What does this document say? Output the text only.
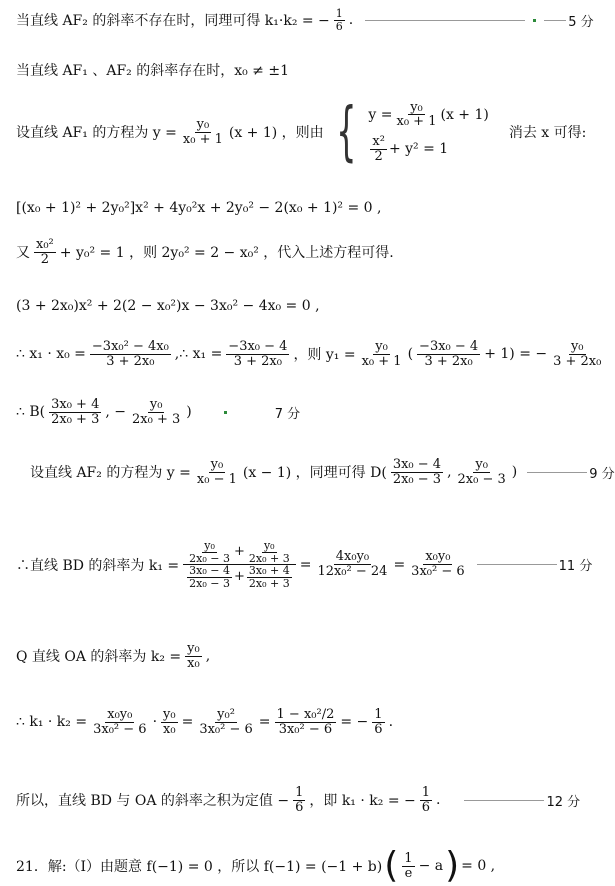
当直线 AF₂ 的斜率不存在时，同理可得 k₁·k₂ = − $\frac{1}{6}$ .	5 分
当直线 AF₁ 、AF₂ 的斜率存在时，x₀ ≠ ±1
设直线 AF₁ 的方程为 $y = \frac{\text{y₀}}{\text{x₀ + 1}} (x + 1)$ ，则由 { $y = \frac{\text{y₀}}{\text{x₀ + 1}} (x + 1)$
$\frac{\text{x²}}{2} + y^2 = 1$
消去 x 可得:
[(x₀ + 1)² + 2y₀²]x² + 4y₀²x + 2y₀² − 2(x₀ + 1)² = 0 ,
又 $\frac{\text{x₀²}}{2} + y_0^2 = 1$ ，则 2y₀² = 2 − x₀² ，代入上述方程可得.
(3 + 2x₀)x² + 2(2 − x₀²)x − 3x₀² − 4x₀ = 0 ,
∴ $x_1 \cdot x_0 = \frac{\text{−3x₀² − 4x₀}}{\text{3 + 2x₀}}$ ,∴ $x_1 = \frac{\text{−3x₀ − 4}}{\text{3 + 2x₀}}$ ，则 $y_1 = \frac{\text{y₀}}{\text{x₀ + 1}}$ ( $\frac{\text{−3x₀ − 4}}{\text{3 + 2x₀}} + 1$) = − $\frac{\text{y₀}}{\text{3 + 2x₀}}$
∴ $B( \frac{\text{3x₀ + 4}}{\text{2x₀ + 3}}$ , − $\frac{\text{y₀}}{\text{2x₀ + 3}}$ )	7 分
设直线 AF₂ 的方程为 $y = \frac{\text{y₀}}{\text{x₀ − 1}} (x - 1)$ ，同理可得 $D( \frac{\text{3x₀ − 4}}{\text{2x₀ − 3}}$ , $\frac{\text{y₀}}{\text{2x₀ − 3}}$ )	9 分
∴直线 BD 的斜率为 $k_1 = \frac{\frac{\text{y₀}}{\text{2x₀ − 3}} + \frac{\text{y₀}}{\text{2x₀ + 3}}}{\frac{\text{3x₀ − 4}}{\text{2x₀ − 3}} + \frac{\text{3x₀ + 4}}{\text{2x₀ + 3}}} = \frac{\text{4x₀y₀}}{\text{12x₀² − 24}} = \frac{\text{x₀y₀}}{\text{3x₀² − 6}}$	11 分
Q 直线 OA 的斜率为 $k_2 = \frac{\text{y₀}}{\text{x₀}}$ ,
∴ $k_1 \cdot k_2 = \frac{\text{x₀y₀}}{\text{3x₀² − 6}} \cdot \frac{\text{y₀}}{\text{x₀}} = \frac{\text{y₀²}}{\text{3x₀² − 6}} = \frac{\text{1 − x₀²/2}}{\text{3x₀² − 6}}$ = − $\frac{1}{6}$ .
所以，直线 BD 与 OA 的斜率之积为定值 − $\frac{1}{6}$ ，即 k₁ · k₂ = − $\frac{1}{6}$ .	12 分
21．解:（Ⅰ）由题意 f(−1) = 0 ，所以 f(−1) = (−1 + b) ( $\frac{1}{e} - a$ ) = 0 ,
